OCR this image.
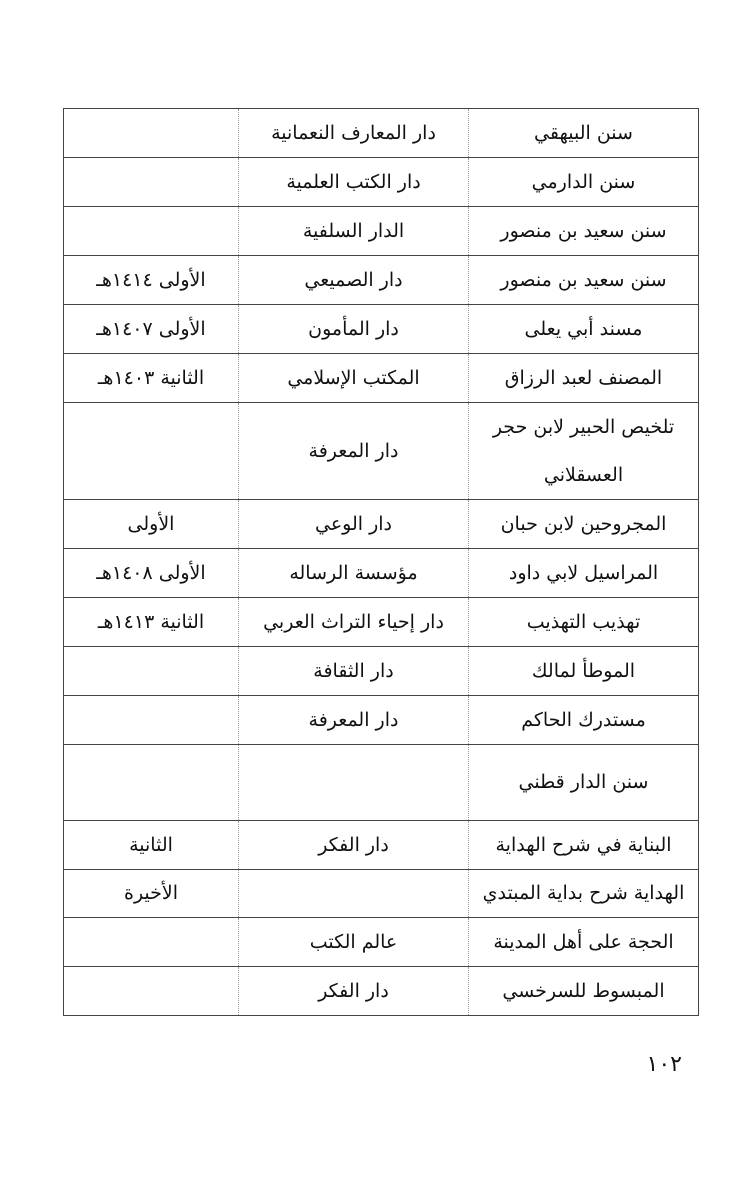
سنن البيهقي	دار المعارف النعمانية	
سنن الدارمي	دار الكتب العلمية	
سنن سعيد بن منصور	الدار السلفية	
سنن سعيد بن منصور	دار الصميعي	الأولى ١٤١٤هـ
مسند أبي يعلى	دار المأمون	الأولى ١٤٠٧هـ
المصنف لعبد الرزاق	المكتب الإسلامي	الثانية ١٤٠٣هـ
تلخيص الحبير لابن حجر العسقلاني	دار المعرفة	
المجروحين لابن حبان	دار الوعي	الأولى
المراسيل لابي داود	مؤسسة الرساله	الأولى ١٤٠٨هـ
تهذيب التهذيب	دار إحياء التراث العربي	الثانية ١٤١٣هـ
الموطأ لمالك	دار الثقافة	
مستدرك الحاكم	دار المعرفة	
سنن الدار قطني		
البناية في شرح الهداية	دار الفكر	الثانية
الهداية شرح بداية المبتدي		الأخيرة
الحجة على أهل المدينة	عالم الكتب	
المبسوط للسرخسي	دار الفكر	
١٠٢
